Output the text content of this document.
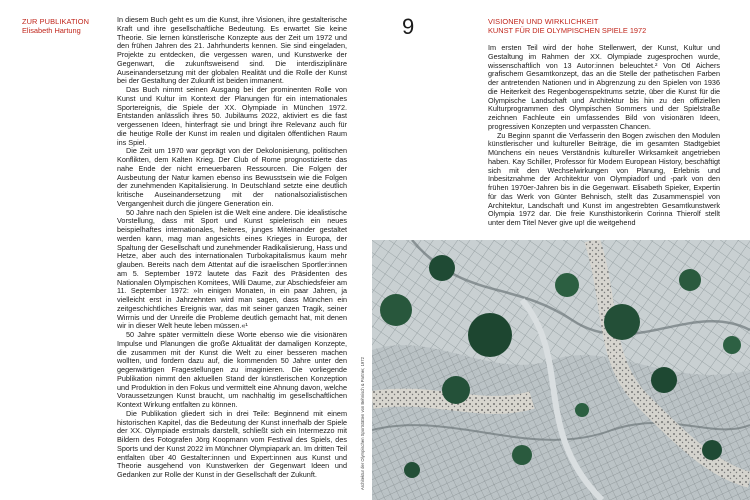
ZUR PUBLIKATION
Elisabeth Hartung

In diesem Buch geht es um die Kunst, ihre Visionen, ihre gestalterische Kraft und ihre gesellschaftliche Bedeutung. Es erwartet Sie keine Theorie. Sie lernen künstlerische Konzepte aus der Zeit um 1972 und den frühen Jahren des 21. Jahrhunderts kennen. Sie sind eingeladen, Projekte zu entdecken, die vergessen waren, und Kunstwerke der Gegenwart, die zukunftsweisend sind. Die interdisziplinäre Auseinandersetzung mit der globalen Realität und die Rolle der Kunst bei der Gestaltung der Zukunft ist beiden immanent.

Das Buch nimmt seinen Ausgang bei der prominenten Rolle von Kunst und Kultur im Kontext der Planungen für ein internationales Sportereignis, die Spiele der XX. Olympiade in München 1972. Entstanden anlässlich ihres 50. Jubiläums 2022, aktiviert es die fast vergessenen Ideen, hinterfragt sie und bringt ihre Relevanz auch für die heutige Rolle der Kunst im realen und digitalen öffentlichen Raum ins Spiel.

Die Zeit um 1970 war geprägt von der Dekolonisierung, politischen Konflikten, dem Kalten Krieg. Der Club of Rome prognostizierte das nahe Ende der nicht erneuerbaren Ressourcen. Die Folgen der Ausbeutung der Natur kamen ebenso ins Bewusstsein wie die Folgen der zunehmenden Kapitalisierung. In Deutschland setzte eine deutlich kritische Auseinandersetzung mit der nationalsozialistischen Vergangenheit durch die jüngere Generation ein.

50 Jahre nach den Spielen ist die Welt eine andere. Die idealistische Vorstellung, dass mit Sport und Kunst spielerisch ein neues beispielhaftes internationales, heiteres, junges Miteinander gestaltet werden kann, mag man angesichts eines Krieges in Europa, der Spaltung der Gesellschaft und zunehmender Radikalisierung, Hass und Hetze, aber auch des internationalen Turbokapitalismus kaum mehr glauben. Bereits nach dem Attentat auf die israelischen Sportler:innen am 5. September 1972 lautete das Fazit des Präsidenten des Nationalen Olympischen Komitees, Willi Daume, zur Abschiedsfeier am 11. September 1972: »In einigen Monaten, in ein paar Jahren, ja vielleicht erst in Jahrzehnten wird man sagen, dass München ein zeitgeschichtliches Ereignis war, das mit seiner ganzen Tragik, seiner Wirrnis und der Unreife die Probleme deutlich gemacht hat, mit denen wir in dieser Welt heute leben müssen.«¹

50 Jahre später vermitteln diese Worte ebenso wie die visionären Impulse und Planungen die große Aktualität der damaligen Konzepte, die zusammen mit der Kunst die Welt zu einer besseren machen wollten, und fordern dazu auf, die kommenden 50 Jahre unter den gegenwärtigen Fragestellungen zu imaginieren. Die vorliegende Publikation nimmt den aktuellen Stand der künstlerischen Konzeption und Produktion in den Fokus und vermittelt eine Ahnung davon, welche Voraussetzungen Kunst braucht, um nachhaltig im gesellschaftlichen Kontext Wirkung entfalten zu können.

Die Publikation gliedert sich in drei Teile: Beginnend mit einem historischen Kapitel, das die Bedeutung der Kunst innerhalb der Spiele der XX. Olympiade erstmals darstellt, schließt sich ein Intermezzo mit Bildern des Fotografen Jörg Koopmann vom Festival des Spiels, des Sports und der Kunst 2022 im Münchner Olympiapark an. Im dritten Teil entfalten über 40 Gestalter:innen und Expert:innen aus Kunst und Theorie ausgehend von Kunstwerken der Gegenwart Ideen und Gedanken zur Rolle der Kunst in der Gesellschaft der Zukunft.

9	VISIONEN UND WIRKLICHKEIT
KUNST FÜR DIE OLYMPISCHEN SPIELE 1972

Im ersten Teil wird der hohe Stellenwert, der Kunst, Kultur und Gestaltung im Rahmen der XX. Olympiade zugesprochen wurde, wissenschaftlich von 13 Autor:innen beleuchtet.² Von Otl Aichers grafischem Gesamtkonzept, das an die Stelle der pathetischen Farben der antretenden Nationen und in Abgrenzung zu den Spielen von 1936 die Heiterkeit des Regenbogenspektrums setzte, über die Kunst für die Olympische Landschaft und Architektur bis hin zu den offiziellen Kulturprogrammen des Olympischen Sommers und der Spielstraße zeichnen Fachleute ein umfassendes Bild von visionären Ideen, progressiven Konzepten und verpassten Chancen.

Zu Beginn spannt die Verfasserin den Bogen zwischen den Modulen künstlerischer und kultureller Beiträge, die im gesamten Stadtgebiet Münchens ein neues Verständnis kultureller Wirksamkeit angetrieben haben. Kay Schiller, Professor für Modern European History, beschäftigt sich mit den Wechselwirkungen von Planung, Erlebnis und Inbesitznahme der Architektur von Olympiadorf und -park von den frühen 1970er-Jahren bis in die Gegenwart. Elisabeth Spieker, Expertin für das Werk von Günter Behnisch, stellt das Zusammenspiel von Architektur, Landschaft und Kunst im angestrebten Gesamtkunstwerk Olympia 1972 dar. Die freie Kunsthistorikerin Corinna Thierolf stellt unter dem Titel Never give up! die weitgehend

Architektur der Olympischen Sportstätten von Behnisch & Partner, 1972
